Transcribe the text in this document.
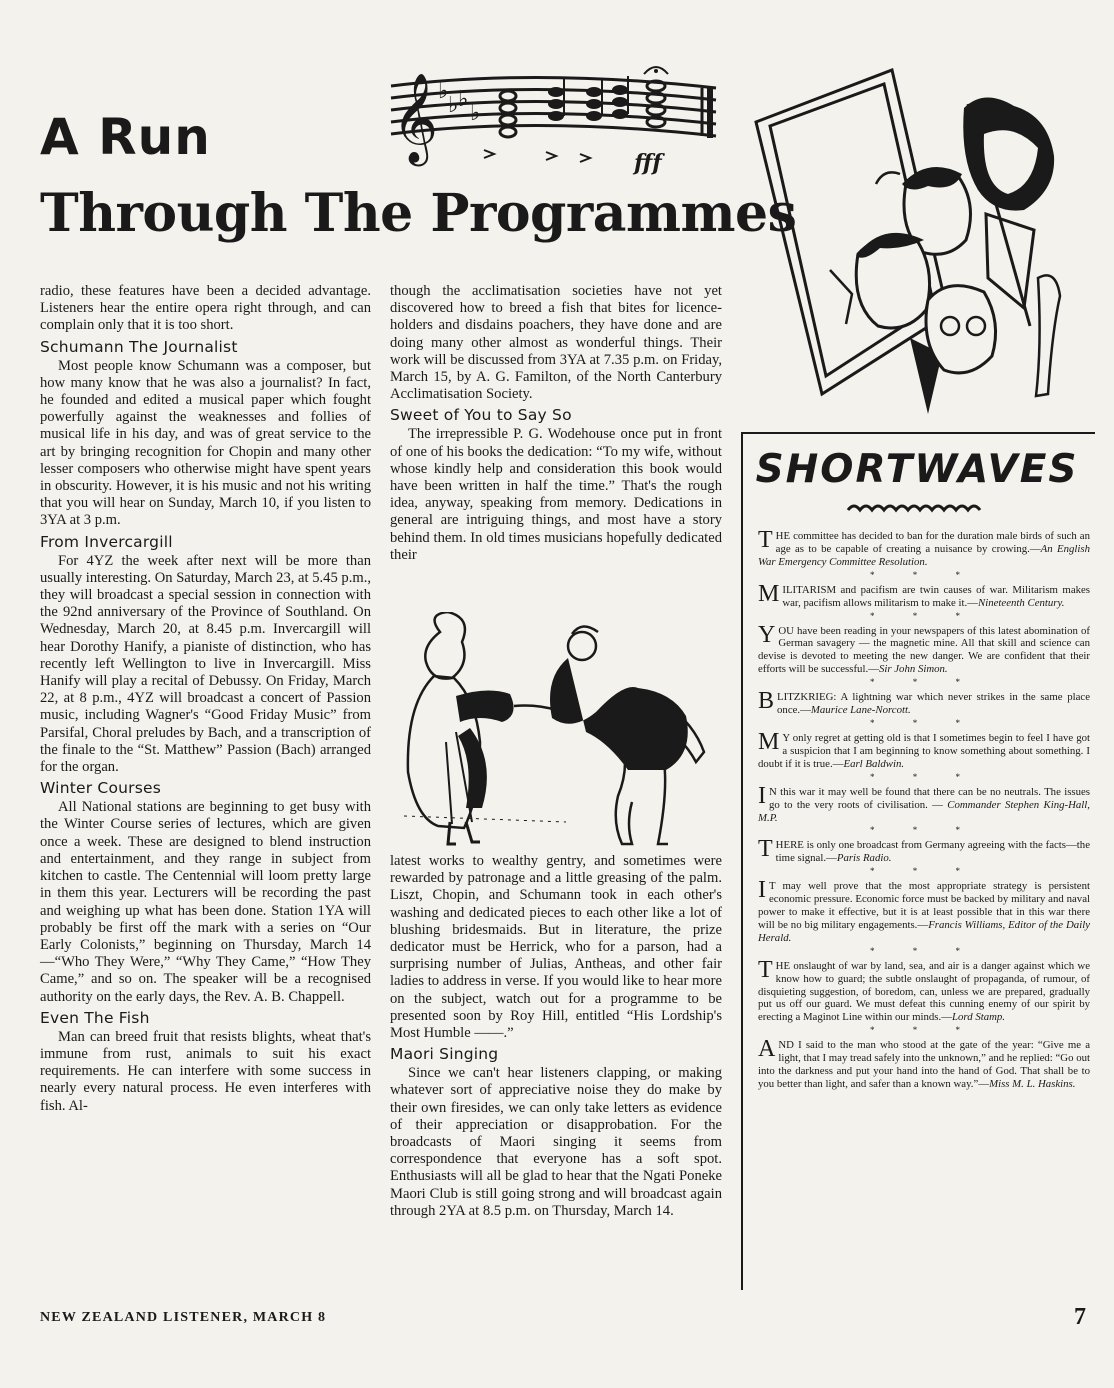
A Run
Through The Programmes
𝄞 ♭
♭ ♭
♭
fff

radio, these features have been a decided advantage. Listeners hear the entire opera right through, and can complain only that it is too short.

Schumann The Journalist

Most people know Schumann was a composer, but how many know that he was also a journalist? In fact, he founded and edited a musical paper which fought powerfully against the weaknesses and follies of musical life in his day, and was of great service to the art by bringing recognition for Chopin and many other lesser composers who otherwise might have spent years in obscurity. However, it is his music and not his writing that you will hear on Sunday, March 10, if you listen to 3YA at 3 p.m.

From Invercargill

For 4YZ the week after next will be more than usually interesting. On Saturday, March 23, at 5.45 p.m., they will broadcast a special session in connection with the 92nd anniversary of the Province of Southland. On Wednesday, March 20, at 8.45 p.m. Invercargill will hear Dorothy Hanify, a pianiste of distinction, who has recently left Wellington to live in Invercargill. Miss Hanify will play a recital of Debussy. On Friday, March 22, at 8 p.m., 4YZ will broadcast a concert of Passion music, including Wagner's “Good Friday Music” from Parsifal, Choral preludes by Bach, and a transcription of the finale to the “St. Matthew” Passion (Bach) arranged for the organ.

Winter Courses

All National stations are beginning to get busy with the Winter Course series of lectures, which are given once a week. These are designed to blend instruction and entertainment, and they range in subject from kitchen to castle. The Centennial will loom pretty large in them this year. Lecturers will be recording the past and weighing up what has been done. Station 1YA will probably be first off the mark with a series on “Our Early Colonists,” beginning on Thursday, March 14—“Who They Were,” “Why They Came,” “How They Came,” and so on. The speaker will be a recognised authority on the early days, the Rev. A. B. Chappell.

Even The Fish

Man can breed fruit that resists blights, wheat that's immune from rust, animals to suit his exact requirements. He can interfere with some success in nearly every natural process. He even interferes with fish. Al-

though the acclimatisation societies have not yet discovered how to breed a fish that bites for licence-holders and disdains poachers, they have done and are doing many other almost as wonderful things. Their work will be discussed from 3YA at 7.35 p.m. on Friday, March 15, by A. G. Familton, of the North Canterbury Acclimatisation Society.

Sweet of You to Say So

The irrepressible P. G. Wodehouse once put in front of one of his books the dedication: “To my wife, without whose kindly help and consideration this book would have been written in half the time.” That's the rough idea, anyway, speaking from memory. Dedications in general are intriguing things, and most have a story behind them. In old times musicians hopefully dedicated their

latest works to wealthy gentry, and sometimes were rewarded by patronage and a little greasing of the palm. Liszt, Chopin, and Schumann took in each other's washing and dedicated pieces to each other like a lot of blushing bridesmaids. But in literature, the prize dedicator must be Herrick, who for a parson, had a surprising number of Julias, Antheas, and other fair ladies to address in verse. If you would like to hear more on the subject, watch out for a programme to be presented soon by Roy Hill, entitled “His Lordship's Most Humble ——.”

Maori Singing

Since we can't hear listeners clapping, or making whatever sort of appreciative noise they do make by their own firesides, we can only take letters as evidence of their appreciation or disapprobation. For the broadcasts of Maori singing it seems from correspondence that everyone has a soft spot. Enthusiasts will all be glad to hear that the Ngati Poneke Maori Club is still going strong and will broadcast again through 2YA at 8.5 p.m. on Thursday, March 14.

SHORTWAVES
THE committee has decided to ban for the duration male birds of such an age as to be capable of creating a nuisance by crowing.—An English War Emergency Committee Resolution.
* * *
MILITARISM and pacifism are twin causes of war. Militarism makes war, pacifism allows militarism to make it.—Nineteenth Century.
* * *
YOU have been reading in your newspapers of this latest abomination of German savagery — the magnetic mine. All that skill and science can devise is devoted to meeting the new danger. We are confident that their efforts will be successful.—Sir John Simon.
* * *
BLITZKRIEG: A lightning war which never strikes in the same place once.—Maurice Lane-Norcott.
* * *
M Y only regret at getting old is that I sometimes begin to feel I have got a suspicion that I am beginning to know something about something. I doubt if it is true.—Earl Baldwin.
* * *
I N this war it may well be found that there can be no neutrals. The issues go to the very roots of civilisation. — Commander Stephen King-Hall, M.P.
* * *
THERE is only one broadcast from Germany agreeing with the facts—the time signal.—Paris Radio.
* * *
I T may well prove that the most appropriate strategy is persistent economic pressure. Economic force must be backed by military and naval power to make it effective, but it is at least possible that in this war there will be no big military engagements.—Francis Williams, Editor of the Daily Herald.
* * *
THE onslaught of war by land, sea, and air is a danger against which we know how to guard; the subtle onslaught of propaganda, of rumour, of disquieting suggestion, of boredom, can, unless we are prepared, gradually put us off our guard. We must defeat this cunning enemy of our spirit by erecting a Maginot Line within our minds.—Lord Stamp.
* * *
AND I said to the man who stood at the gate of the year: “Give me a light, that I may tread safely into the unknown,” and he replied: “Go out into the darkness and put your hand into the hand of God. That shall be to you better than light, and safer than a known way.”—Miss M. L. Haskins.

NEW ZEALAND LISTENER, MARCH 8	7
